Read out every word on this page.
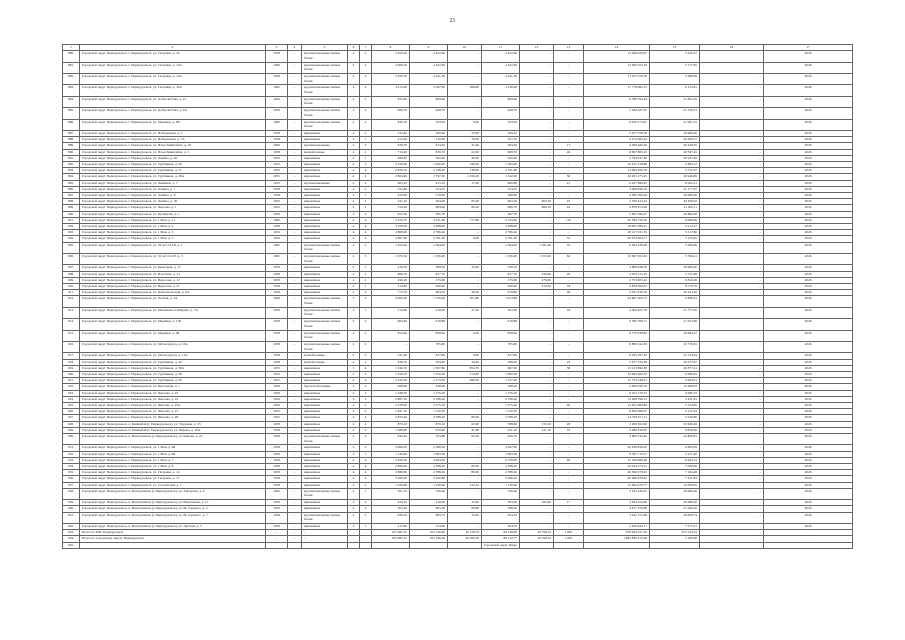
21
1	2	3	4	5	6	7	8	9	10	11	12	13	14	15	16	17
880.	Городской округ Первоуральск, г. Первоуральск, ул. Гагарина, д. 10	1958	–	крупнопанельные жилые блоки	4	3	2 659,50	2 452,90	–	2 452,90	–	–	13 499 929,07	5 240,27	–	2026
881.	Городской округ Первоуральск, г. Первоуральск, ул. Гагарина, д. 12А	1966	–	крупнопанельные жилые блоки	4	4	2 669,20	2 452,60	–	2 452,60	–	–	13 656 353,18	5 177,95	–	2026
882.	Городской округ Первоуральск, г. Первоуральск, ул. Гагарина, д. 14А	1958	–	крупнопанельные жилые блоки	4	3	2 659,50	2 441,30	–	2 441,30	–	–	13 911 078,58	5 698,99	–	2026
883.	Городской округ Первоуральск, г. Первоуральск, ул. Гагарина, д. 32А	1965	–	крупнопанельные жилые блоки	4	4	3 413,00	2 367,00	368,00	2 236,00	–	–	17 778 682,53	6 154,81	–	2026
884.	Городской округ Первоуральск, г. Первоуральск, ул. Добролюбова, д. 41	1964	–	крупнопанельные жилые блоки	2	2	825,60	808,60	–	808,60	–	–	6 788 194,18	21 841,05	–	2026
885.	Городской округ Первоуральск, г. Первоуральск, ул. Добролюбова, д. 9А	1958	–	крупнопанельные жилые блоки	2	2	666,70	628,70	–	628,70	–	–	5 182 627,67	21 336,74	–	2026
886.	Городской округ Первоуральск, г. Первоуральск, ул. Медиков, д. 9В	1960	–	крупнопанельные жилые блоки	2	2	836,10	784,50	0,00	784,50	–	–	8 676 373,97	21 081,25	–	2026
887.	Городской округ Первоуральск, г. Первоуральск, ул. Набережная, д. 5	1958	–	кирпичные	2	2	532,40	506,60	70,00	506,45	–	–	2 457 558,56	20 980,40	–	2026
888.	Городской округ Первоуральск, г. Первоуральск, ул. Набережная, д. 7А	1958	–	кирпичные	2	1	414,50	410,90	76,00	351,70	–	–	4 274 000,42	20 369,17	–	2026
889.	Городской округ Первоуральск, г. Первоуральск, ул. Ильи Зинштейна, д. 18	1960	–	крупнопанельные	2	3	636,70	614,30	31,00	584,30	–	17	4 369 466,46	20 449,35	–	2026
890.	Городской округ Первоуральск, г. Первоуральск, ул. Ильи Зинштейна, д. 1	1958	–	мелкоблочные	2	2	714,20	676,70	62,00	608,70	–	40	6 697 865,25	20 597,45	–	2026
891.	Городской округ Первоуральск, г. Первоуральск, ул. Ленина, д. 20	1953	–	кирпичные	2	1	280,40	262,60	40,00	262,60	–	–	2 794 937,46	20 931,46	–	2026
892.	Городской округ Первоуральск, г. Первоуральск, ул. Трубников, д. 26	1953	–	кирпичные	4	5	2 350,60	1 620,40	340,00	1 583,40	–	–	16 617 018,88	5 864,12	–	2026
893.	Городской округ Первоуральск, г. Первоуральск, ул. Трубников, д. 27	1953	–	кирпичные	4	4	2 876,10	2 748,30	138,00	2 701,80	–	–	13 694 396,78	5 752,07	–	2026
894.	Городской округ Первоуральск, г. Первоуральск, ул. Трубников, д. 28А	1955	–	кирпичные	4	4	2 864,90	2 797,30	1 456,20	1 342,00	–	56	20 265 275,45	20 946,89	–	2026
895.	Городской округ Первоуральск, г. Первоуральск, ул. Химиков, д. 7	1953	–	крупнопанельные	2	2	663,10	613,10	17,00	606,80	–	21	6 247 886,95	8 562,21	–	2026
896.	Городской округ Первоуральск, г. Первоуральск, ул. Ленина, д. 7	1958	–	кирпичные	2	2	352,80	324,70	–	324,70	–	–	3 066 846,76	21 177,07	–	2026
897.	Городской округ Первоуральск, г. Первоуральск, ул. Ленина, д. 8	1958	–	кирпичные	2	1	420,90	376,00	–	386,60	–	–	4 385 560,94	20 980,40	–	2026
898.	Городской округ Первоуральск, г. Первоуральск, ул. Ленина, д. 36	1955	–	кирпичные	2	2	541,10	564,00	85,00	603,50	603,50	25	2 356 613,44	20 460,92	–	2026
899.	Городской округ Первоуральск, г. Первоуральск, ул. Чкалова, д. 1	1955	–	кирпичные	2	2	724,30	684,00	80,20	666,70	666,70	24	4 879 674,06	21 300,11	–	2026
900.	Городской округ Первоуральск, г. Первоуральск, ул. Кузнецова, д. 1	1958	–	кирпичные	2	2	653,50	585,70	–	487,70	–	–	5 605 396,47	20 886,48	–	2026
901.	Городской округ Первоуральск, г. Первоуральск, ул. 1 Мая, д. 11	1960	–	кирпичные	4	4	3 376,70	3 251,60	777,80	2 743,60	–	110	20 384 759,36	6 089,69	–	2026
902.	Городской округ Первоуральск, г. Первоуральск, ул. 1 Мая, д. 2	1958	–	кирпичные	4	4	3 708,20	3 388,00	–	3 388,00	–	–	18 997 086,21	5 214,27	–	2026
903.	Городской округ Первоуральск, г. Первоуральск, ул. 1 Мая, д. 3	1954	–	кирпичные	4	4	2 868,00	2 796,20	–	2 796,20	–	–	18 017 931,59	5 517,80	–	2026
904.	Городской округ Первоуральск, г. Первоуральск, ул. 1 Мая, д. 5	1954	–	кирпичные	4	4	2 867,00	2 791,00	0,00	2 791,00	–	55	20 074 664,77	5 152,05	–	2026
905.	Городской округ Первоуральск, г. Первоуральск, ул. 50 лет СССР, д. 1	1965	–	крупнопанельные жилые блоки	4	2	1 454,00	1 364,00	–	1 364,00	1 361,00	32	6 563 438,48	5 206,86	–	2026
906.	Городской округ Первоуральск, г. Первоуральск, ул. 50 лет СССР, д. 3	1965	–	крупнопанельные жилые блоки	4	3	1 670,50	1 536,40	–	1 536,40	1 353,00	62	10 697 653,63	5 796,41	–	2026
907.	Городской округ Первоуральск, г. Первоуральск, ул. Береговая, д. 17	1959	–	кирпичные	2	1	416,50	389,50	32,00	336,10	–	–	3 868 648,56	20 980,40	–	2026
908.	Городской округ Первоуральск, г. Первоуральск, ул. Ватутина, д. 13	1958	–	кирпичные	2	2	866,70	817,70	–	817,70	326,60	26	5 679 315,35	5 752,08	–	2026
909.	Городской округ Первоуральск, г. Первоуральск, ул. Вересова, д. 12	1958	–	кирпичные	2	2	296,10	279,60	–	279,60	279,60	–	2 753 005,22	6 816,06	–	2026
910.	Городской округ Первоуральск, г. Первоуральск, ул. Вересова, д. 21	1958	–	кирпичные	2	1	314,40	296,40	–	296,40	214,50	18	2 878 692,07	8 779,76	–	2026
911.	Городской округ Первоуральск, г. Первоуральск, ул. Комсомольская, д. 6А	1958	–	кирпичные	2	2	773,70	684,70	36,00	678,80	–	28	5 027 816,76	20 443,26	–	2026
912.	Городской округ Первоуральск, г. Первоуральск, ул. Лесная, д. 2А	1964	–	крупнопанельные жилые блоки	3	3	4 064,50	1 756,00	301,80	1 674,80	–	–	24 667 405,75	9 486,61	–	2026
913.	Городской округ Первоуральск, г. Первоуральск, ул. Малышева-Сибиряка, д. 7А	1958	–	крупнопанельные жилые блоки	2	1	514,60	418,20	27,20	391,00	–	18	4 309 405,78	21 777,65	–	2026
914.	Городской округ Первоуральск, г. Первоуральск, ул. Медиков, д. 11Б	1958	–	крупнопанельные жилые блоки	2	2	664,60	618,80	–	618,80	–	–	9 560 768,17	21 653,66	–	2026
915.	Городской округ Первоуральск, г. Первоуральск, ул. Медиков, д. 9Б	1958	–	крупнопанельные жилые блоки	2	2	854,60	858,00	0,00	858,00	–	–	8 779 438,83	36 984,47	–	2026
916.	Городской округ Первоуральск, г. Первоуральск, ул. Металлургов, д. 10А	1958	–	крупнопанельные жилые блоки	2	2	–	785,60	–	785,60	–	–	8 809 342,38	32 755,81	–	2026
917.	Городской округ Первоуральск, г. Первоуральск, ул. Металлургов, д. 12А	1958	–	мелкоблочные	2	2	541,40	817,90	0,00	817,90	–	–	9 035 297,43	21 514,24	–	2026
918.	Городской округ Первоуральск, г. Первоуральск, ул. Трубников, д. 44	1958	–	мелкоблочные	2	2	618,70	563,00	44,00	586,00	–	25	5 677 534,38	20 277,67	–	2026
919.	Городской округ Первоуральск, г. Первоуральск, ул. Трубников, д. 36А	1955	–	кирпичные	3	4	1 546,70	1 307,80	854,70	667,50	–	58	15 213 696,38	20 877,21	–	2026
920.	Городской округ Первоуральск, г. Первоуральск, ул. Трубников, д. 28	1953	–	кирпичные	3	2	1 458,10	1 370,20	214,60	1 082,30	–	–	10 905 082,35	6 586,45	–	2026
921.	Городской округ Первоуральск, г. Первоуральск, ул. Трубников, д. 30	1955	–	кирпичные	4	4	2 222,50	2 273,50	680,00	1 537,40	–	–	12 753 348,31	4 964,91	–	2026
922.	Городской округ Первоуральск, г. Первоуральск, ул. Цветочная, д. 1	1958	–	брусчатобетонные	2	2	468,90	438,00	–	368,20	–	–	2 006 058,76	12 408,63	–	2026
923.	Городской округ Первоуральск, г. Первоуральск, ул. Чкалова, д. 43	1958	–	кирпичные	3	3	1 548,30	1 376,50	–	1 376,50	–	–	8 252 179,37	9 080,33	–	2026
924.	Городской округ Первоуральск, г. Первоуральск, ул. Чкалова, д. 45	1956	–	кирпичные	3	3	2 887,20	2 786,20	–	2 796,20	–	–	13 208 796,31	5 431,81	–	2026
925.	Городской округ Первоуральск, г. Первоуральск, ул. Чкалова, д. 45А	1956	–	кирпичные	4	4	2 278,40	2 275,50	–	1 275,40	–	46	14 201 669,84	5 154,85	–	2026
926.	Городской округ Первоуральск, г. Первоуральск, ул. Чкалова, д. 47	1955	–	кирпичные	4	4	1 847,10	1 720,50	–	1 720,50	–	–	8 629 368,57	5 127,43	–	2026
927.	Городской округ Первоуральск, г. Первоуральск, ул. Чкалова, д. 49	1955	–	кирпичные	4	4	2 870,40	2 788,20	80,00	2 798,20	–	–	14 729 671,11	5 230,80	–	2026
928.	Городской округ Первоуральск, п. Билимбай (г. Первоуральск), ул. Трудовая, д. 33	1958	–	кирпичные	2	2	870,10	870,10	62,00	788,60	725,30	28	3 269 302,00	25 609,49	–	2026
929.	Городской округ Первоуральск, п. Билимбай (г. Первоуральск), ул. Кирова, д. 25А	1958	–	кирпичные	2	2	1 286,60	970,60	41,80	411,10	411,10	16	4 286 816,95	8 878,60	–	2026
930.	Городской округ Первоуральск, п. Новоуткинск (г. Первоуральск), ул. Кирова, д. 23	1958	–	крупнопанельные жилые блоки	2	2	640,40	703,80	62,30	620,70	–	–	3 860 334,40	22 860,81	–	2026
931.	Городской округ Первоуральск, г. Первоуральск, ул. 1 Мая, д. 6Б	1958	–	кирпичные	2	2	2 666,00	2 398,30	–	2 647,00	–	–	20 030 836,20	6 600,09	–	2026
932.	Городской округ Первоуральск, г. Первоуральск, ул. 1 Мая, д. 6Б	1958	–	кирпичные	2	1	1 140,60	1 083,30	–	1 083,30	–	–	8 781 713,57	5 271,90	–	2026
933.	Городской округ Первоуральск, г. Первоуральск, ул. 1 Мая, д. 7	1958	–	кирпичные	4	4	2 826,20	2 694,30	–	2 758,90	–	46	15 246 080,48	8 494,14	–	2026
934.	Городской округ Первоуральск, г. Первоуральск, ул. 1 Мая, д. 8	1958	–	кирпичные	4	4	2 866,90	2 788,20	80,00	2 788,20	–	–	20 044 573,51	7 009,66	–	2026
935.	Городской округ Первоуральск, г. Первоуральск, ул. Гагарина, д. 14	1958	–	кирпичные	4	4	2 868,80	2 788,20	80,00	2 788,20	–	–	20 396 078,03	7 184,48	–	2026
936.	Городской округ Первоуральск, г. Первоуральск, ул. Гагарина, д. 17	1958	–	кирпичные	4	4	2 269,20	2 250,80	–	2 286,20	–	–	20 296 639,42	7 221,83	–	2026
937.	Городской округ Первоуральск, г. Первоуральск, ул. Строителей, д. 1	1958	–	кирпичные	3	3	1 326,60	1 230,90	132,10	1 130,90	–	–	15 064 076,77	14 560,95	–	2026
938.	Городской округ Первоуральск, п. Новоуткинск (г. Первоуральск), ул. Заводская, д. 9	1963	–	крупнопанельные жилые блоки	2	1	361,70	336,40	–	336,40	–	–	3 185 446,05	20 980,40	–	2026
939.	Городской округ Первоуральск, п. Новоуткинск (г. Первоуральск), ул. Вокзальная, д. 17	1958	–	кирпичные	2	2	434,10	416,00	33,00	383,00	183,60	17	3 624 454,06	20 980,40	–	2026
940.	Городской округ Первоуральск, п. Новоуткинск (г. Первоуральск), ул. М. Горького, д. 5	1959	–	кирпичные	2	2	503,20	665,30	66,80	598,50	–	–	4 977 476,89	21 000,20	–	2026
941.	Городской округ Первоуральск, п. Новоуткинск (г. Первоуральск), ул. М. Горького, д. 7	1958	–	крупнопанельные жилые блоки	2	2	636,10	683,73	33,00	634,33	–	–	3 447 372,68	20 856,74	–	2026
942.	Городской округ Первоуральск, п. Новоуткинск (г. Первоуральск), ул. Луговая, д. 3	1958	–	кирпичные	2	1	215,60	314,60	–	364,35	–	–	2 650 844,17	7 575,21	–	2026
943.	Итого по МО: Первоуральск	–	–	–	–	–	107 681,05	102 326,96	18 128,79	84 338,69	16 798,32	1 605	978 094 257,29	675 534,54	–	–
944.	Итого по городскому округу Первоуральск	–	–	–	–	–	105 685,12	102 196,59	20 566,38	86 132,77	16 798,32	1 605	1 682 839 215,08	5 180,66	–	–
945.										Городской округ Ревда						
